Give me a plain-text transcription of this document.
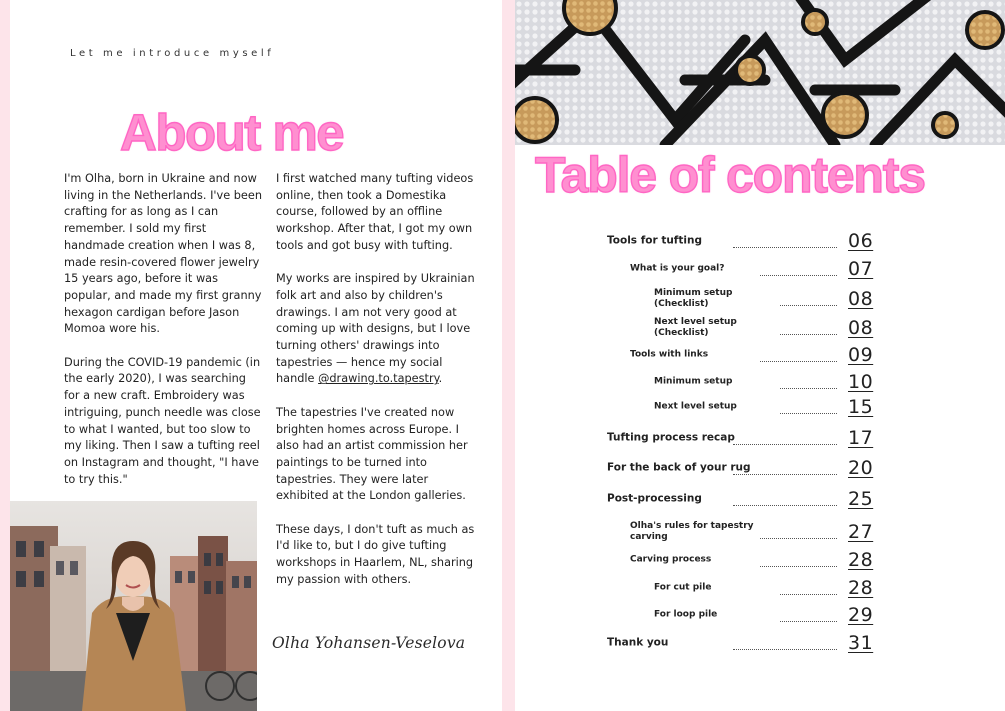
Let me introduce myself
About me

I'm Olha, born in Ukraine and now living in the Netherlands. I've been crafting for as long as I can remember. I sold my first handmade creation when I was 8, made resin-covered flower jewelry 15 years ago, before it was popular, and made my first granny hexagon cardigan before Jason Momoa wore his.

During the COVID-19 pandemic (in the early 2020), I was searching for a new craft. Embroidery was intriguing, punch needle was close to what I wanted, but too slow to my liking. Then I saw a tufting reel on Instagram and thought, "I have to try this."

I first watched many tufting videos online, then took a Domestika course, followed by an offline workshop. After that, I got my own tools and got busy with tufting.

My works are inspired by Ukrainian folk art and also by children's drawings. I am not very good at coming up with designs, but I love turning others' drawings into tapestries — hence my social handle @drawing.to.tapestry.

The tapestries I've created now brighten homes across Europe. I also had an artist commission her paintings to be turned into tapestries. They were later exhibited at the London galleries.

These days, I don't tuft as much as I'd like to, but I do give tufting workshops in Haarlem, NL, sharing my passion with others.

Olha Yohansen-Veselova
Table of contents
Tools for tufting	06
What is your goal?	07
Minimum setup
(Checklist)	08
Next level setup
(Checklist)	08
Tools with links	09
Minimum setup	10
Next level setup	15
Tufting process recap	17
For the back of your rug	20
Post-processing	25
Olha's rules for tapestry
carving	27
Carving process	28
For cut pile	28
For loop pile	29
Thank you	31
